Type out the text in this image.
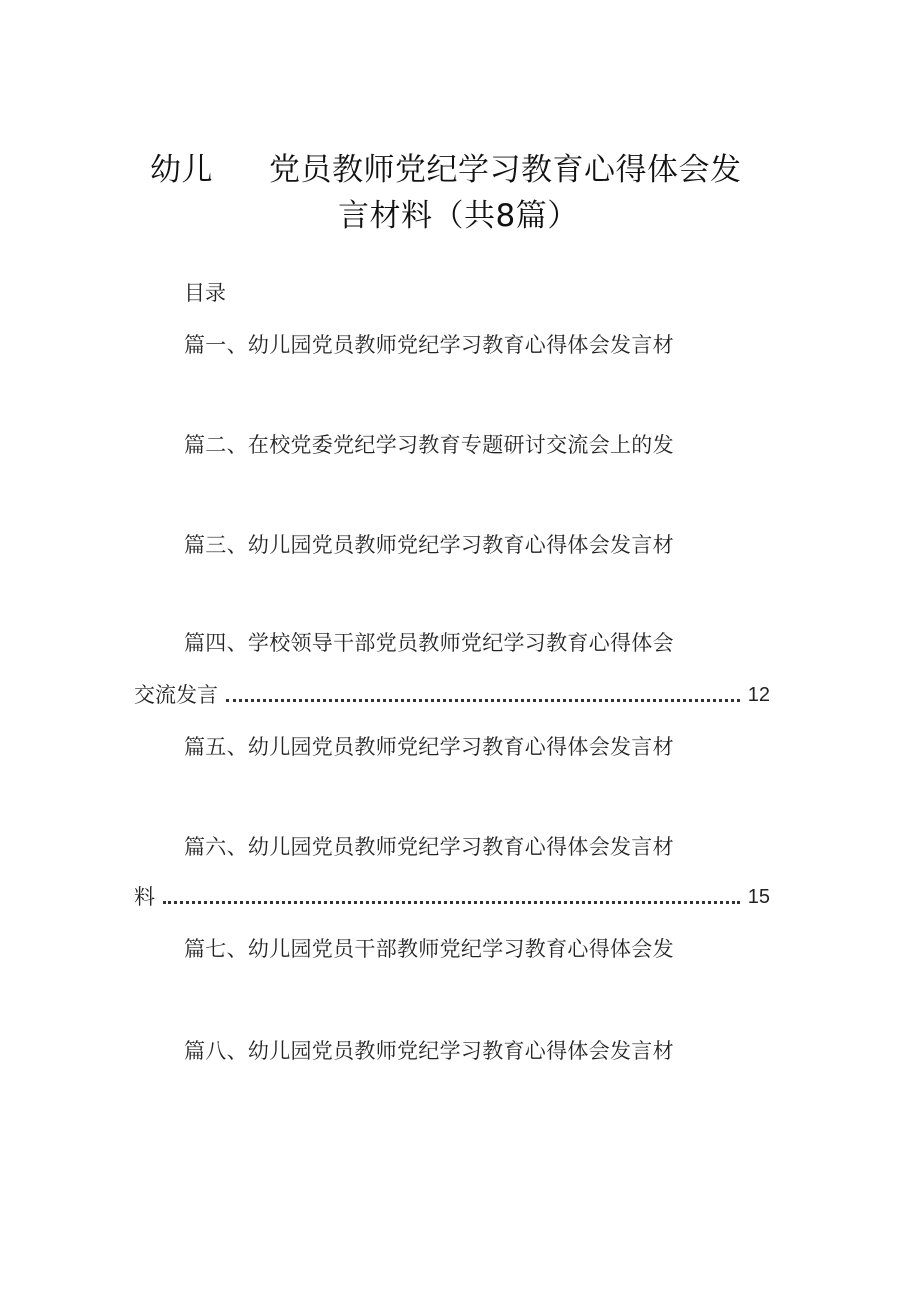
幼儿 党员教师党纪学习教育心得体会发
言材料（共8篇）
目录
篇一、幼儿园党员教师党纪学习教育心得体会发言材
篇二、在校党委党纪学习教育专题研讨交流会上的发
篇三、幼儿园党员教师党纪学习教育心得体会发言材
篇四、学校领导干部党员教师党纪学习教育心得体会
交流发言	12
篇五、幼儿园党员教师党纪学习教育心得体会发言材
篇六、幼儿园党员教师党纪学习教育心得体会发言材
料	15
篇七、幼儿园党员干部教师党纪学习教育心得体会发
篇八、幼儿园党员教师党纪学习教育心得体会发言材
